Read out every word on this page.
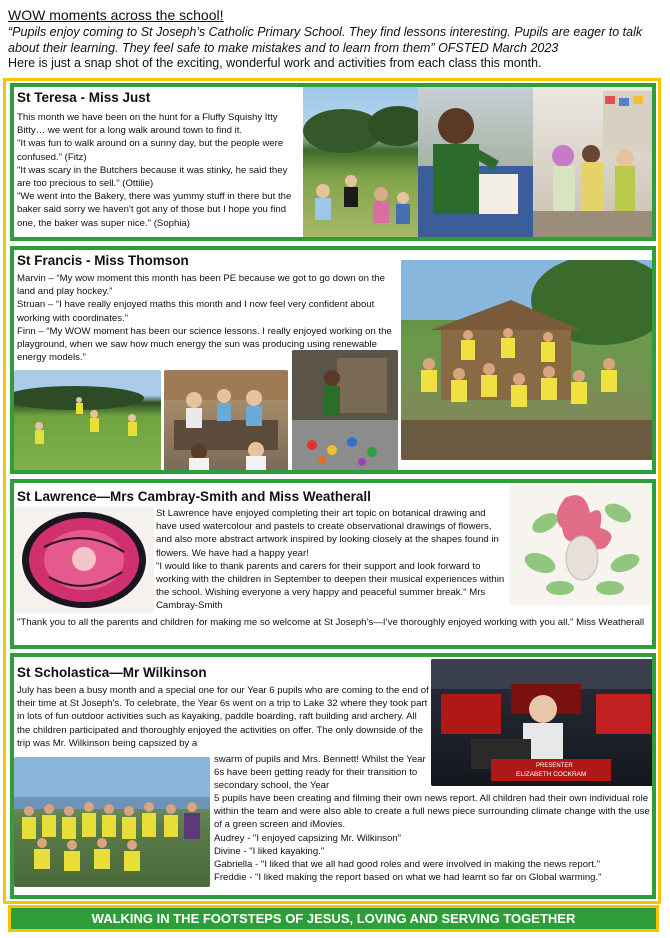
WOW moments across the school!
“Pupils enjoy coming to St Joseph’s Catholic Primary School. They find lessons interesting. Pupils are eager to talk about their learning. They feel safe to make mistakes and to learn from them” OFSTED March 2023
Here is just a snap shot of the exciting, wonderful work and activities from each class this month.
St Teresa - Miss Just

This month we have been on the hunt for a Fluffy Squishy Itty Bitty… we went for a long walk around town to find it.

"It was fun to walk around on a sunny day, but the people were confused." (Fitz)

"It was scary in the Butchers because it was stinky, he said they are too precious to sell." (Ottilie)

"We went into the Bakery, there was yummy stuff in there but the baker said sorry we haven't got any of those but I hope you find one, the baker was super nice." (Sophia)

St Francis - Miss Thomson

Marvin – “My wow moment this month has been PE because we got to go down on the land and play hockey.”

Struan – “I have really enjoyed maths this month and I now feel very confident about working with coordinates.”

Finn – “My WOW moment has been our science lessons. I really enjoyed working on the playground, when we saw how much energy the sun was producing using renewable energy models.”

St Lawrence—Mrs Cambray-Smith and Miss Weatherall

St Lawrence have enjoyed completing their art topic on botanical drawing and have used watercolour and pastels to create observational drawings of flowers, and also more abstract artwork inspired by looking closely at the shapes found in flowers. We have had a happy year!

"I would like to thank parents and carers for their support and look forward to working with the children in September to deepen their musical experiences within the school. Wishing everyone a very happy and peaceful summer break." Mrs Cambray-Smith

"Thank you to all the parents and children for making me so welcome at St Joseph’s—I’ve thoroughly enjoyed working with you all." Miss Weatherall

St Scholastica—Mr Wilkinson

July has been a busy month and a special one for our Year 6 pupils who are coming to the end of their time at St Joseph’s. To celebrate, the Year 6s went on a trip to Lake 32 where they took part in lots of fun outdoor activities such as kayaking, paddle boarding, raft building and archery. All the children participated and thoroughly enjoyed the activities on offer. The only downside of the trip was Mr. Wilkinson being capsized by a

swarm of pupils and Mrs. Bennett! Whilst the Year 6s have been getting ready for their transition to secondary school, the Year

5 pupils have been creating and filming their own news report. All children had their own individual role within the team and were also able to create a full news piece surrounding climate change with the use of a green screen and iMovies.

Audrey - "I enjoyed capsizing Mr. Wilkinson"

Divine - "I liked kayaking."

Gabriella - "I liked that we all had good roles and were involved in making the news report."

Freddie - "I liked making the report based on what we had learnt so far on Global warming."

PRESENTER
ELIZABETH COCKRAM
WALKING IN THE FOOTSTEPS OF JESUS, LOVING AND SERVING TOGETHER
